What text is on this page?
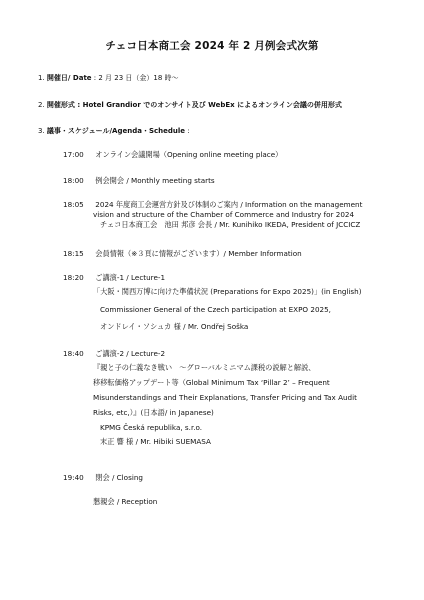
チェコ日本商工会 2024 年 2 月例会式次第
1. 開催日/ Date : 2 月 23 日（金）18 時～
2. 開催形式 : Hotel Grandior でのオンサイト及び WebEx によるオンライン会議の併用形式
3. 議事・スケジュール/Agenda・Schedule :
17:00 オンライン会議開場（Opening online meeting place）
18:00 例会開会 / Monthly meeting starts
18:05 2024 年度商工会運営方針及び体制のご案内 / Information on the management
vision and structure of the Chamber of Commerce and Industry for 2024
チェコ日本商工会　池田 邦彦 会長 / Mr. Kunihiko IKEDA, President of JCCICZ
18:15 会員情報（※３頁に情報がございます）/ Member Information
18:20 ご講演-1 / Lecture-1
「大阪・関西万博に向けた準備状況 (Preparations for Expo 2025)」(in English)
Commissioner General of the Czech participation at EXPO 2025,
オンドレイ・ソシュカ 様 / Mr. Ondřej Soška
18:40 ご講演-2 / Lecture-2
『親と子の仁義なき戦い　～グローバルミニマム課税の説解と解説、
移移転価格アップデート等（Global Minimum Tax ‘Pillar 2’ – Frequent
Misunderstandings and Their Explanations, Transfer Pricing and Tax Audit
Risks, etc,）』(日本語/ in Japanese)
KPMG Česká republika, s.r.o.
末正 響 様 / Mr. Hibiki SUEMASA
19:40 閉会 / Closing
懇親会 / Reception
